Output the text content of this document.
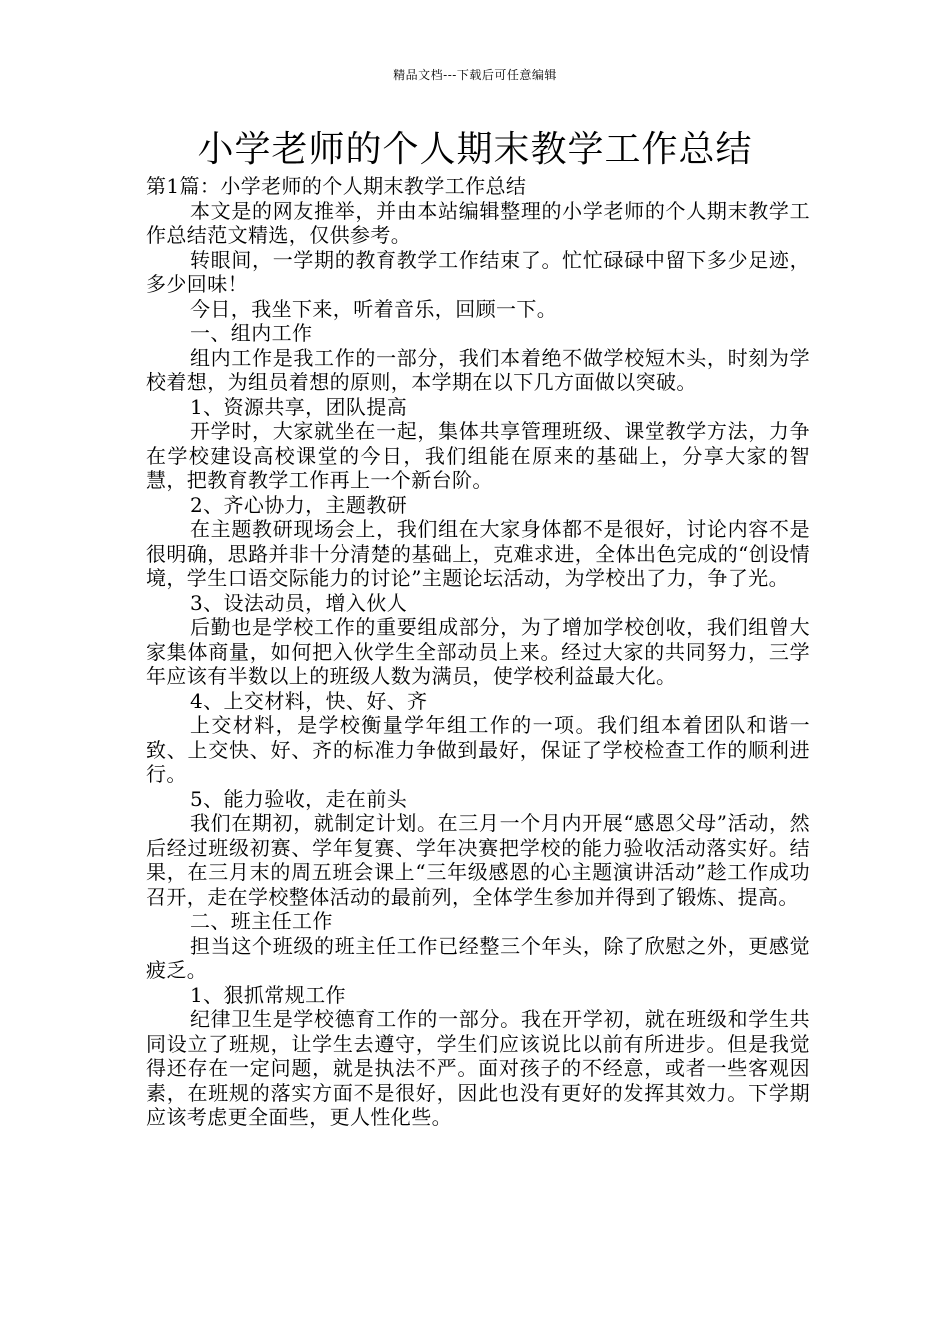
精品文档---下载后可任意编辑
小学老师的个人期末教学工作总结

第1篇：小学老师的个人期末教学工作总结

本文是的网友推举，并由本站编辑整理的小学老师的个人期末教学工作总结范文精选，仅供参考。

转眼间，一学期的教育教学工作结束了。忙忙碌碌中留下多少足迹，多少回味！

今日，我坐下来，听着音乐，回顾一下。

一、组内工作

组内工作是我工作的一部分，我们本着绝不做学校短木头，时刻为学校着想，为组员着想的原则，本学期在以下几方面做以突破。

1、资源共享，团队提高

开学时，大家就坐在一起，集体共享管理班级、课堂教学方法，力争在学校建设高校课堂的今日，我们组能在原来的基础上，分享大家的智慧，把教育教学工作再上一个新台阶。

2、齐心协力，主题教研

在主题教研现场会上，我们组在大家身体都不是很好，讨论内容不是很明确，思路并非十分清楚的基础上，克难求进，全体出色完成的“创设情境，学生口语交际能力的讨论”主题论坛活动，为学校出了力，争了光。

3、设法动员，增入伙人

后勤也是学校工作的重要组成部分，为了增加学校创收，我们组曾大家集体商量，如何把入伙学生全部动员上来。经过大家的共同努力，三学年应该有半数以上的班级人数为满员，使学校利益最大化。

4、上交材料，快、好、齐

上交材料，是学校衡量学年组工作的一项。我们组本着团队和谐一致、上交快、好、齐的标准力争做到最好，保证了学校检查工作的顺利进行。

5、能力验收，走在前头

我们在期初，就制定计划。在三月一个月内开展“感恩父母”活动，然后经过班级初赛、学年复赛、学年决赛把学校的能力验收活动落实好。结果，在三月末的周五班会课上“三年级感恩的心主题演讲活动”趁工作成功召开，走在学校整体活动的最前列，全体学生参加并得到了锻炼、提高。

二、班主任工作

担当这个班级的班主任工作已经整三个年头，除了欣慰之外，更感觉疲乏。

1、狠抓常规工作

纪律卫生是学校德育工作的一部分。我在开学初，就在班级和学生共同设立了班规，让学生去遵守，学生们应该说比以前有所进步。但是我觉得还存在一定问题，就是执法不严。面对孩子的不经意，或者一些客观因素，在班规的落实方面不是很好，因此也没有更好的发挥其效力。下学期应该考虑更全面些，更人性化些。
